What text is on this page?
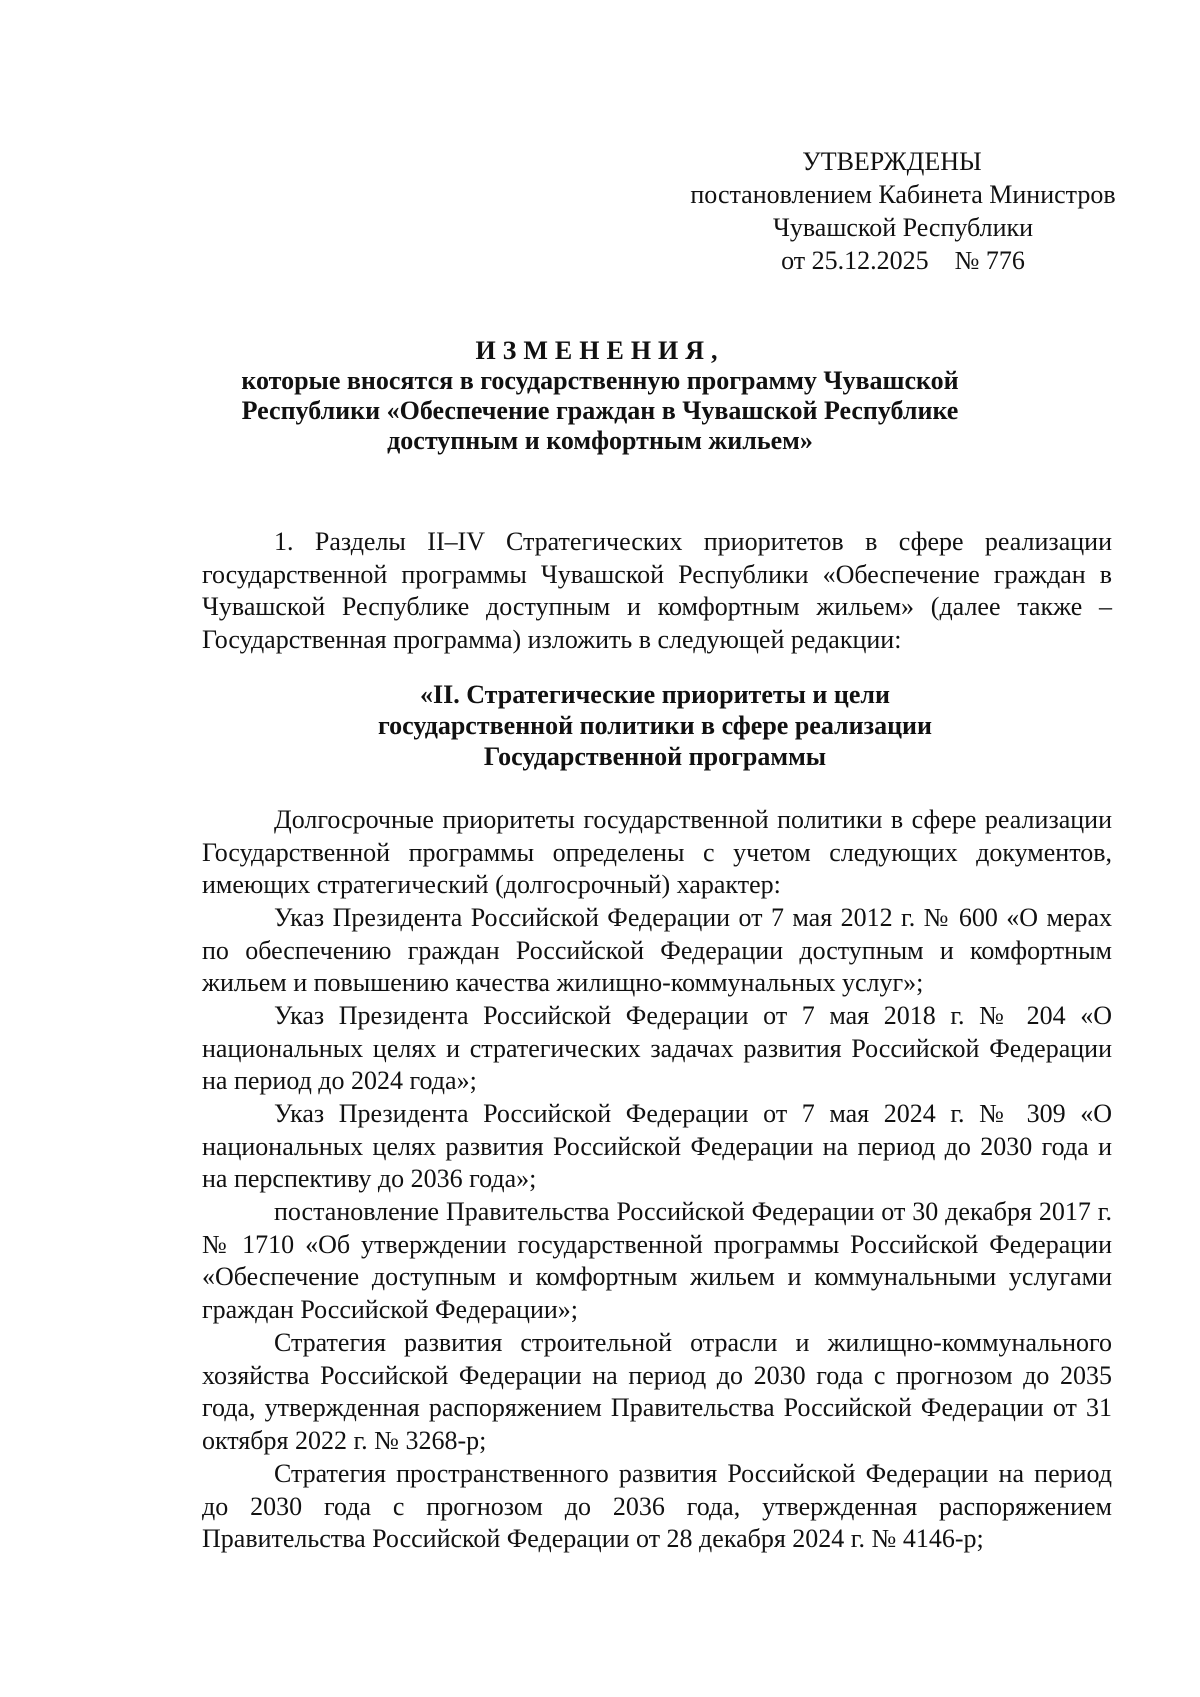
УТВЕРЖДЕНЫ
постановлением Кабинета Министров
Чувашской Республики
от 25.12.2025    № 776
ИЗМЕНЕНИЯ,
которые вносятся в государственную программу Чувашской
Республики «Обеспечение граждан в Чувашской Республике
доступным и комфортным жильем»

1. Разделы II–IV Стратегических приоритетов в сфере реализации государственной программы Чувашской Республики «Обеспечение граждан в Чувашской Республике доступным и комфортным жильем» (далее также – Государственная программа) изложить в следующей редакции:

«II. Стратегические приоритеты и цели
государственной политики в сфере реализации
Государственной программы

Долгосрочные приоритеты государственной политики в сфере реализации Государственной программы определены с учетом следующих документов, имеющих стратегический (долгосрочный) характер:

Указ Президента Российской Федерации от 7 мая 2012 г. № 600 «О мерах по обеспечению граждан Российской Федерации доступным и комфортным жильем и повышению качества жилищно-коммунальных услуг»;

Указ Президента Российской Федерации от 7 мая 2018 г. № 204 «О национальных целях и стратегических задачах развития Российской Федерации на период до 2024 года»;

Указ Президента Российской Федерации от 7 мая 2024 г. № 309 «О национальных целях развития Российской Федерации на период до 2030 года и на перспективу до 2036 года»;

постановление Правительства Российской Федерации от 30 декабря 2017 г. № 1710 «Об утверждении государственной программы Российской Федерации «Обеспечение доступным и комфортным жильем и коммунальными услугами граждан Российской Федерации»;

Стратегия развития строительной отрасли и жилищно-коммунального хозяйства Российской Федерации на период до 2030 года с прогнозом до 2035 года, утвержденная распоряжением Правительства Российской Федерации от 31 октября 2022 г. № 3268-р;

Стратегия пространственного развития Российской Федерации на период до 2030 года с прогнозом до 2036 года, утвержденная распоряжением Правительства Российской Федерации от 28 декабря 2024 г. № 4146-р;
